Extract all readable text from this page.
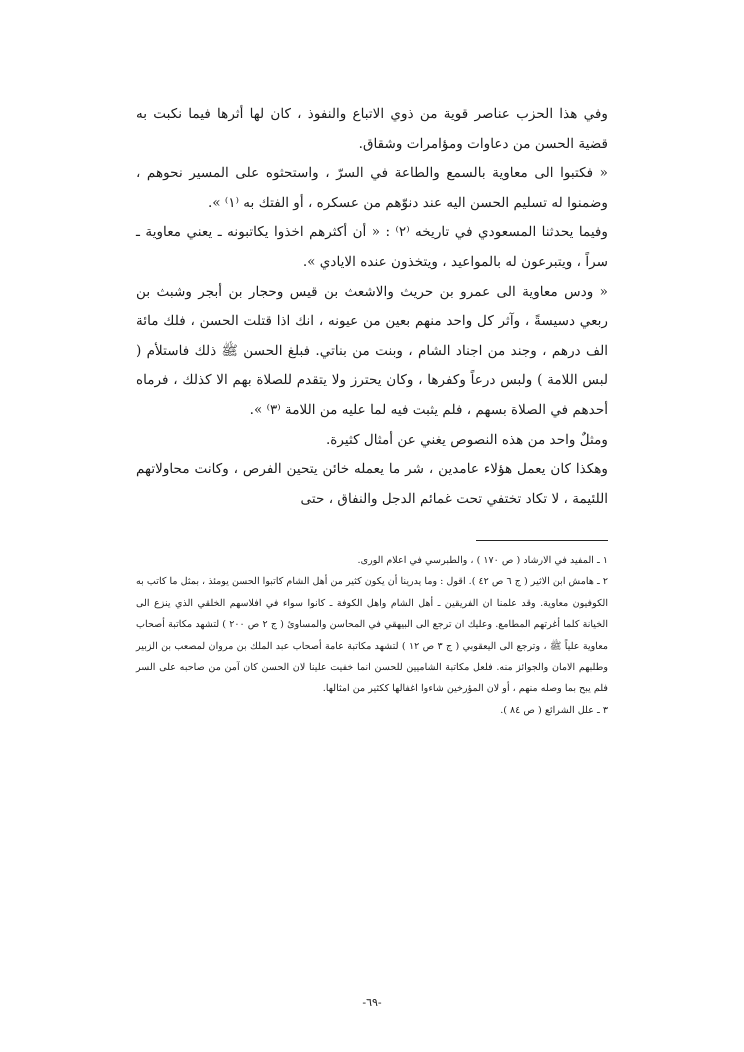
وفي هذا الحزب عناصر قوية من ذوي الاتباع والنفوذ ، كان لها أثرها فيما نكبت به قضية الحسن من دعاوات ومؤامرات وشقاق.

« فكتبوا الى معاوية بالسمع والطاعة في السرّ ، واستحثوه على المسير نحوهم ، وضمنوا له تسليم الحسن اليه عند دنوّهم من عسكره ، أو الفتك به ⁽١⁾ ».

وفيما يحدثنا المسعودي في تاريخه ⁽٢⁾ : « أن أكثرهم اخذوا يكاتبونه ـ يعني معاوية ـ سراً ، ويتبرعون له بالمواعيد ، ويتخذون عنده الايادي ».

« ودس معاوية الى عمرو بن حريث والاشعث بن قيس وحجار بن أبجر وشبث بن ربعي دسيسةً ، وآثر كل واحد منهم بعين من عيونه ، انك اذا قتلت الحسن ، فلك مائة الف درهم ، وجند من اجناد الشام ، وبنت من بناتي. فبلغ الحسن ﷺ ذلك فاستلأم ( لبس اللامة ) ولبس درعاً وكفرها ، وكان يحترز ولا يتقدم للصلاة بهم الا كذلك ، فرماه أحدهم في الصلاة بسهم ، فلم يثبت فيه لما عليه من اللامة ⁽٣⁾ ».

ومثلٌ واحد من هذه النصوص يغني عن أمثال كثيرة.

وهكذا كان يعمل هؤلاء عامدين ، شر ما يعمله خائن يتحين الفرص ، وكانت محاولاتهم اللئيمة ، لا تكاد تختفي تحت غمائم الدجل والنفاق ، حتى

١ ـ المفيد في الارشاد ( ص ١٧٠ ) ، والطبرسي في اعلام الورى.

٢ ـ هامش ابن الاثير ( ج ٦ ص ٤٢ ). اقول : وما يدرينا أن يكون كثير من أهل الشام كاتبوا الحسن يومئذ ، بمثل ما كاتب به الكوفيون معاوية. وقد علمنا ان الفريقين ـ أهل الشام واهل الكوفة ـ كانوا سواء في افلاسهم الخلقي الذي ينزع الى الخيانة كلما أغرتهم المطامع. وعليك ان ترجع الى البيهقي في المحاسن والمساوئ ( ج ٢ ص ٢٠٠ ) لتشهد مكاتبة أصحاب معاوية علياً ﷺ ، وترجع الى اليعقوبي ( ج ٣ ص ١٢ ) لتشهد مكاتبة عامة أصحاب عبد الملك بن مروان لمصعب بن الزبير وطلبهم الامان والجوائز منه. فلعل مكاتبة الشاميين للحسن انما خفيت علينا لان الحسن كان آمن من صاحبه على السر فلم يبح بما وصله منهم ، أو لان المؤرخين شاءوا اغفالها ككثير من امثالها.

٣ ـ علل الشرائع ( ص ٨٤ ).

-٦٩-
